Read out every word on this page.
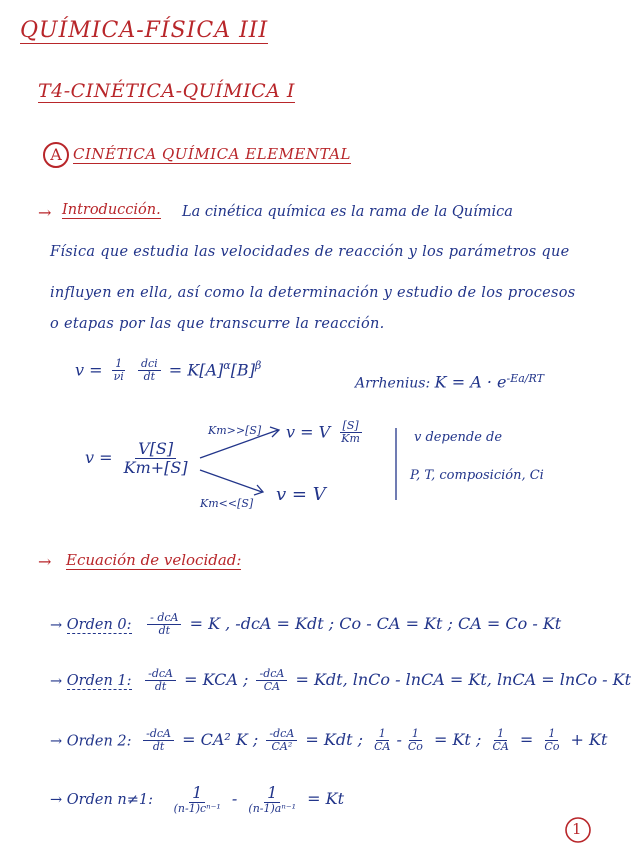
QUÍMICA-FÍSICA III
T4-CINÉTICA-QUÍMICA I
A CINÉTICA QUÍMICA ELEMENTAL
→ Introducción. La cinética química es la rama de la Química
Física que estudia las velocidades de reacción y los parámetros que
influyen en ella, así como la determinación y estudio de los procesos
o etapas por las que transcurre la reacción.
$v = \frac{1}{\nu i}$
$\frac{\text{dci}}{dt} = K[A]^\alpha[B]^\beta$
Arrhenius: $K = A \cdot e^{-Ea/RT}$
$v = \frac{V[S]}{Km+[S]}$
Km>>[S] v = V $\frac{[S]}{Km}$
Km<<[S] v = V
v depende de
P, T, composición, Ci
→ Ecuación de velocidad:
→ Orden 0: $\frac{\text{- dcA}}{dt} = K$ , -dcA = Kdt ; Co - CA = Kt ; CA = Co - Kt
→ Orden 1: $\frac{\text{-dcA}}{dt}$ = KCA ; $\frac{\text{-dcA}}{CA}$ = Kdt, lnCo - lnCA = Kt, lnCA = lnCo - Kt
→ Orden 2: $\frac{\text{-dcA}}{dt} = CA^2$ K ; $\frac{\text{-dcA}}{\text{CA²}}$ = Kdt ; $\frac{1}{CA} - \frac{1}{Co} = Kt$ ; $\frac{1}{CA} = \frac{1}{Co} + Kt$
→ Orden n≠1: $\frac{1}{\text{(n-1)cⁿ⁻¹}} - \frac{1}{\text{(n-1)aⁿ⁻¹}} = Kt$
1
